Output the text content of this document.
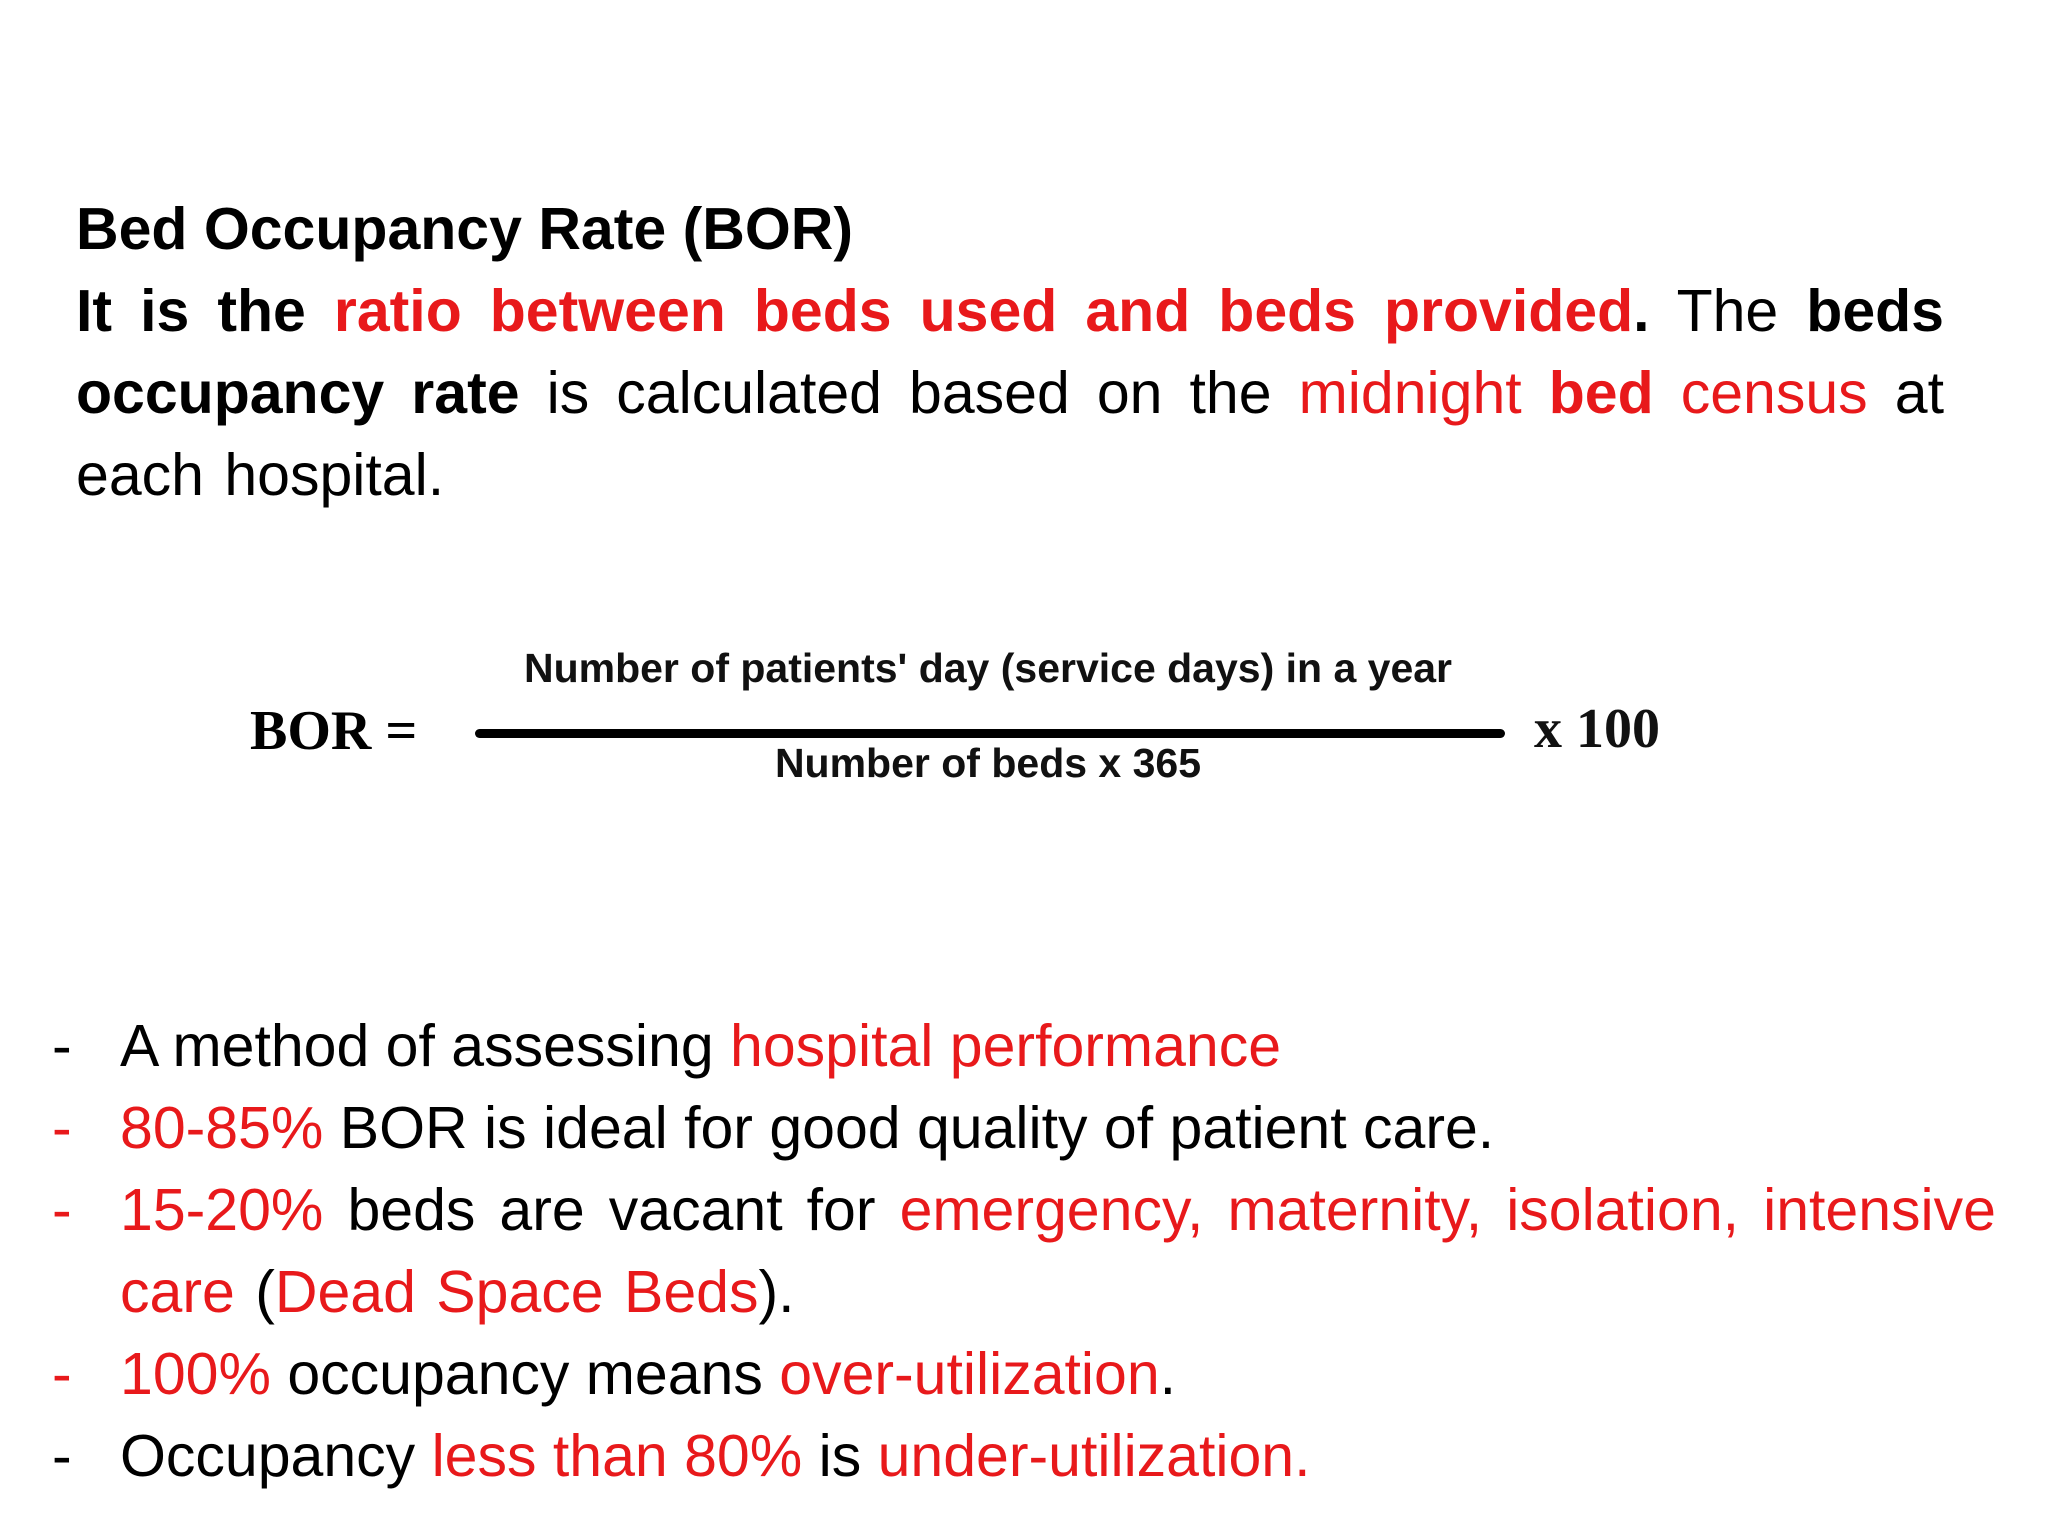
Bed Occupancy Rate (BOR)
It is the ratio between beds used and beds provided. The beds occupancy rate is calculated based on the midnight bed census at each hospital.
BOR =
Number of patients' day (service days) in a year
Number of beds x 365
x 100
- A method of assessing hospital performance
- 80-85% BOR is ideal for good quality of patient care.
- 15-20% beds are vacant for emergency, maternity, isolation, intensive care (Dead Space Beds).
- 100% occupancy means over-utilization.
- Occupancy less than 80% is under-utilization.
